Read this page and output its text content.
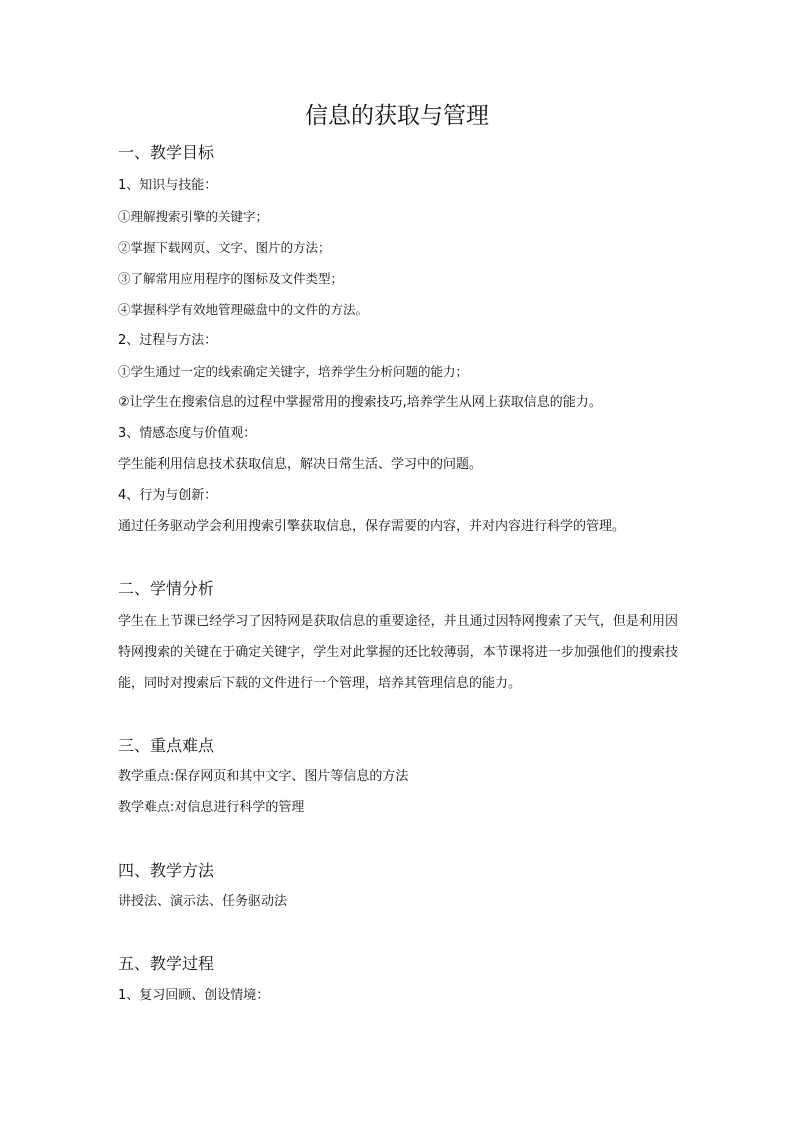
信息的获取与管理
一、教学目标
1、知识与技能：
①理解搜索引擎的关键字；
②掌握下载网页、文字、图片的方法；
③了解常用应用程序的图标及文件类型；
④掌握科学有效地管理磁盘中的文件的方法。
2、过程与方法：
①学生通过一定的线索确定关键字，培养学生分析问题的能力；
②让学生在搜索信息的过程中掌握常用的搜索技巧,培养学生从网上获取信息的能力。
3、情感态度与价值观：
学生能利用信息技术获取信息，解决日常生活、学习中的问题。
4、行为与创新：
通过任务驱动学会利用搜索引擎获取信息，保存需要的内容，并对内容进行科学的管理。
二、学情分析

学生在上节课已经学习了因特网是获取信息的重要途径，并且通过因特网搜索了天气，但是利用因特网搜索的关键在于确定关键字，学生对此掌握的还比较薄弱，本节课将进一步加强他们的搜索技能，同时对搜索后下载的文件进行一个管理，培养其管理信息的能力。

三、重点难点
教学重点:保存网页和其中文字、图片等信息的方法
教学难点:对信息进行科学的管理
四、教学方法
讲授法、演示法、任务驱动法
五、教学过程
1、复习回顾、创设情境：
